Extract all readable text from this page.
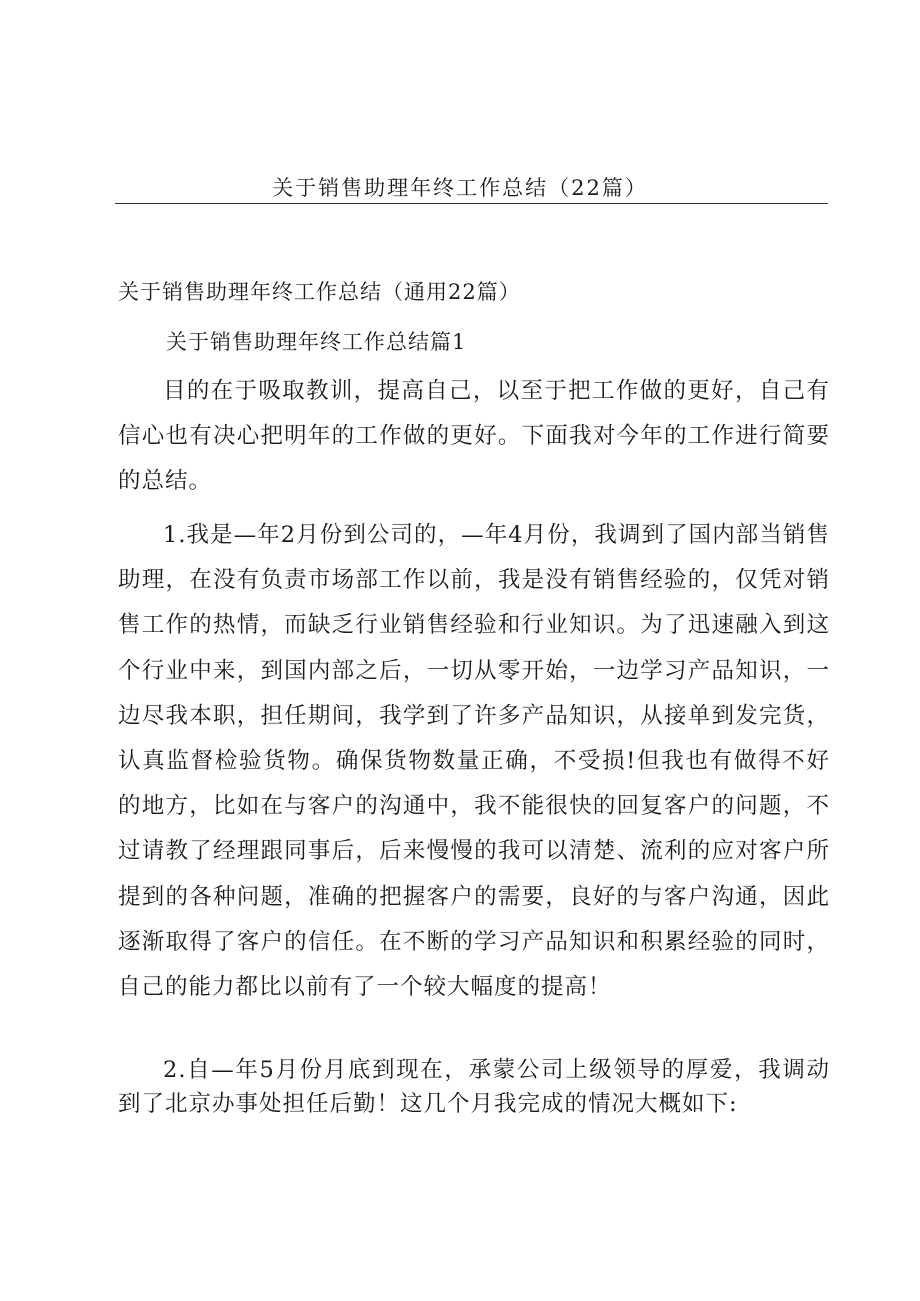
关于销售助理年终工作总结（22篇）
关于销售助理年终工作总结（通用22篇）
关于销售助理年终工作总结篇1

目的在于吸取教训，提高自己，以至于把工作做的更好，自己有信心也有决心把明年的工作做的更好。下面我对今年的工作进行简要的总结。

1.我是—年2月份到公司的，—年4月份，我调到了国内部当销售助理，在没有负责市场部工作以前，我是没有销售经验的，仅凭对销售工作的热情，而缺乏行业销售经验和行业知识。为了迅速融入到这个行业中来，到国内部之后，一切从零开始，一边学习产品知识，一边尽我本职，担任期间，我学到了许多产品知识，从接单到发完货，认真监督检验货物。确保货物数量正确，不受损!但我也有做得不好的地方，比如在与客户的沟通中，我不能很快的回复客户的问题，不过请教了经理跟同事后，后来慢慢的我可以清楚、流利的应对客户所提到的各种问题，准确的把握客户的需要，良好的与客户沟通，因此逐渐取得了客户的信任。在不断的学习产品知识和积累经验的同时，自己的能力都比以前有了一个较大幅度的提高！

2.自—年5月份月底到现在，承蒙公司上级领导的厚爱，我调动到了北京办事处担任后勤！这几个月我完成的情况大概如下:
